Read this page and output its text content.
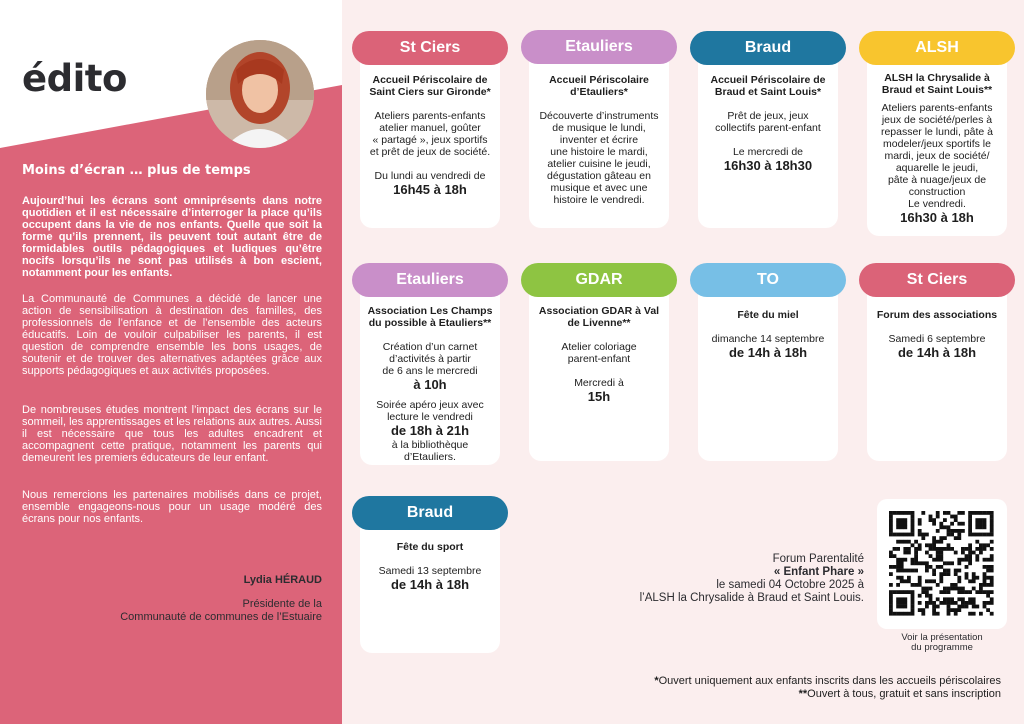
édito
Moins d’écran … plus de temps

Aujourd’hui les écrans sont omniprésents dans notre quotidien et il est nécessaire d’interroger la place qu’ils occupent dans la vie de nos enfants. Quelle que soit la forme qu’ils prennent, ils peuvent tout autant être de formidables outils pédagogiques et ludiques qu’être nocifs lorsqu’ils ne sont pas utilisés à bon escient, notamment pour les enfants.

La Communauté de Communes a décidé de lancer une action de sensibilisation à destination des familles, des professionnels de l’enfance et de l’ensemble des acteurs éducatifs. Loin de vouloir culpabiliser les parents, il est question de comprendre ensemble les bons usages, de soutenir et de trouver des alternatives adaptées grâce aux supports pédagogiques et aux activités proposées.

De nombreuses études montrent l’impact des écrans sur le sommeil, les apprentissages et les relations aux autres. Aussi il est nécessaire que tous les adultes encadrent et accompagnent cette pratique, notamment les parents qui demeurent les premiers éducateurs de leur enfant.

Nous remercions les partenaires mobilisés dans ce projet, ensemble engageons-nous pour un usage modéré des écrans pour nos enfants.

Lydia HÉRAUD
Présidente de la
Communauté de communes de l’Estuaire

Accueil Périscolaire de Saint Ciers sur Gironde*

Ateliers parents-enfants

atelier manuel, goûter

« partagé », jeux sportifs

et prêt de jeux de société.

Du lundi au vendredi de

16h45 à 18h

St Ciers

Accueil Périscolaire d’Etauliers*

Découverte d’instruments

de musique le lundi,

inventer et écrire

une histoire le mardi,

atelier cuisine le jeudi,

dégustation gâteau en

musique et avec une

histoire le vendredi.

Etauliers

Accueil Périscolaire de Braud et Saint Louis*

Prêt de jeux, jeux

collectifs parent-enfant

Le mercredi de

16h30 à 18h30

Braud

ALSH la Chrysalide à Braud et Saint Louis**

Ateliers parents-enfants

jeux de société/perles à

repasser le lundi, pâte à

modeler/jeux sportifs le

mardi, jeux de société/

aquarelle le jeudi,

pâte à nuage/jeux de

construction

Le vendredi.

16h30 à 18h

ALSH

Association Les Champs du possible à Etauliers**

Création d’un carnet

d’activités à partir

de 6 ans le mercredi

à 10h

Soirée apéro jeux avec

lecture le vendredi

de 18h à 21h

à la bibliothèque

d’Etauliers.

Etauliers

Association GDAR à Val de Livenne**

Atelier coloriage

parent-enfant

Mercredi à

15h

GDAR

Fête du miel

dimanche 14 septembre

de 14h à 18h

TO

Forum des associations

Samedi 6 septembre

de 14h à 18h

St Ciers

Fête du sport

Samedi 13 septembre

de 14h à 18h

Braud
Forum Parentalité
« Enfant Phare »
le samedi 04 Octobre 2025 à
l’ALSH la Chrysalide à Braud et Saint Louis.
Voir la présentation
du programme
*Ouvert uniquement aux enfants inscrits dans les accueils périscolaires
**Ouvert à tous, gratuit et sans inscription
